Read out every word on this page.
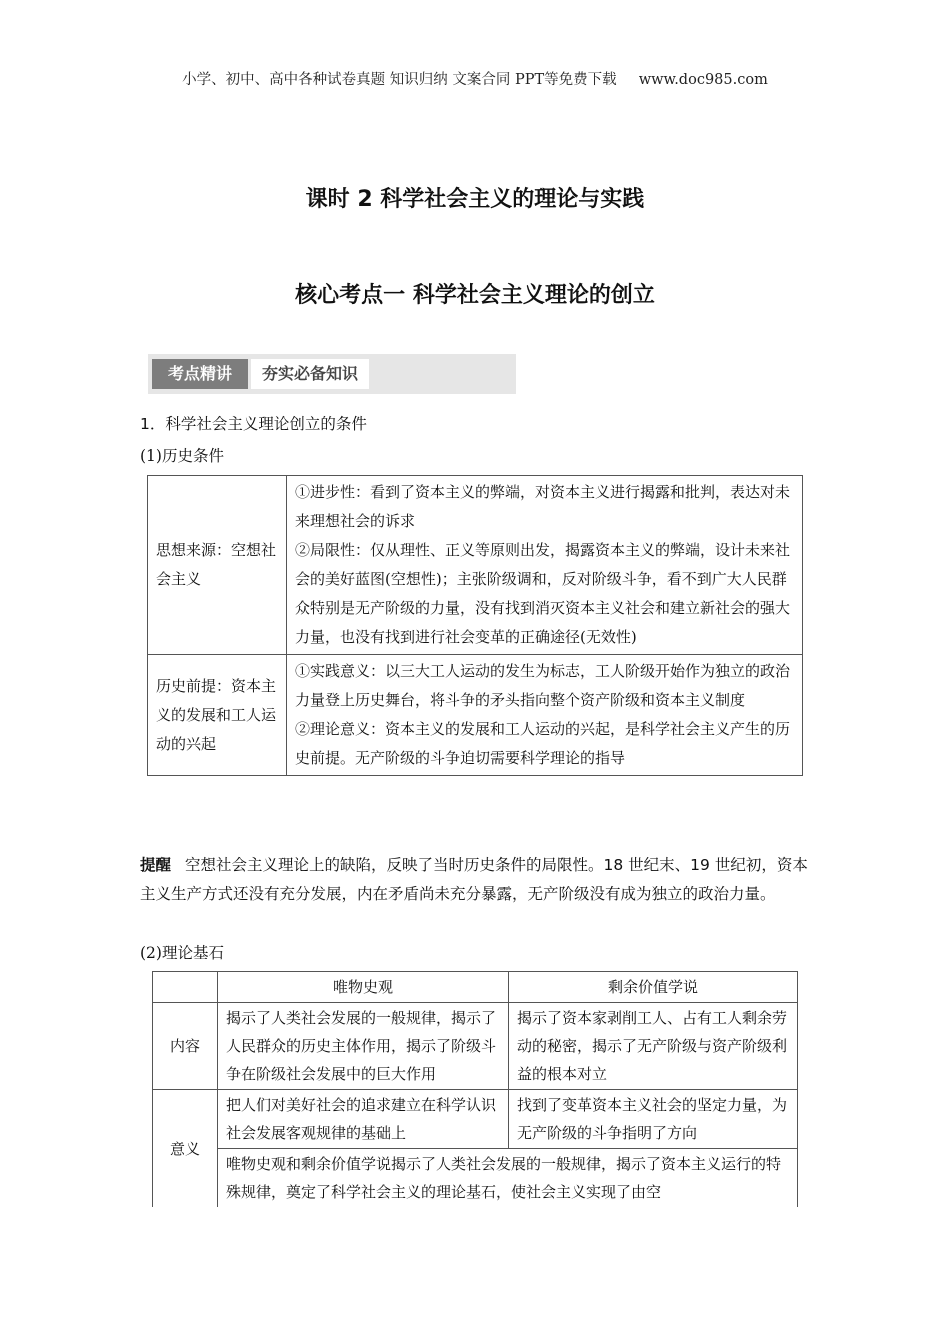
小学、初中、高中各种试卷真题 知识归纳 文案合同 PPT等免费下载 www.doc985.com
课时 2 科学社会主义的理论与实践
核心考点一 科学社会主义理论的创立
考点精讲	夯实必备知识
1．科学社会主义理论创立的条件
(1)历史条件
思想来源：空想社会主义	①进步性：看到了资本主义的弊端，对资本主义进行揭露和批判，表达对未来理想社会的诉求

②局限性：仅从理性、正义等原则出发，揭露资本主义的弊端，设计未来社会的美好蓝图(空想性)；主张阶级调和，反对阶级斗争，看不到广大人民群众特别是无产阶级的力量，没有找到消灭资本主义社会和建立新社会的强大力量，也没有找到进行社会变革的正确途径(无效性)

历史前提：资本主义的发展和工人运动的兴起	①实践意义：以三大工人运动的发生为标志，工人阶级开始作为独立的政治力量登上历史舞台，将斗争的矛头指向整个资产阶级和资本主义制度

②理论意义：资本主义的发展和工人运动的兴起，是科学社会主义产生的历史前提。无产阶级的斗争迫切需要科学理论的指导

提醒 空想社会主义理论上的缺陷，反映了当时历史条件的局限性。18 世纪末、19 世纪初，资本主义生产方式还没有充分发展，内在矛盾尚未充分暴露，无产阶级没有成为独立的政治力量。
(2)理论基石
	唯物史观	剩余价值学说
内容	揭示了人类社会发展的一般规律，揭示了人民群众的历史主体作用，揭示了阶级斗争在阶级社会发展中的巨大作用	揭示了资本家剥削工人、占有工人剩余劳动的秘密，揭示了无产阶级与资产阶级利益的根本对立
意义	把人们对美好社会的追求建立在科学认识社会发展客观规律的基础上	找到了变革资本主义社会的坚定力量，为无产阶级的斗争指明了方向
	唯物史观和剩余价值学说揭示了人类社会发展的一般规律，揭示了资本主义运行的特殊规律，奠定了科学社会主义的理论基石，使社会主义实现了由空	
